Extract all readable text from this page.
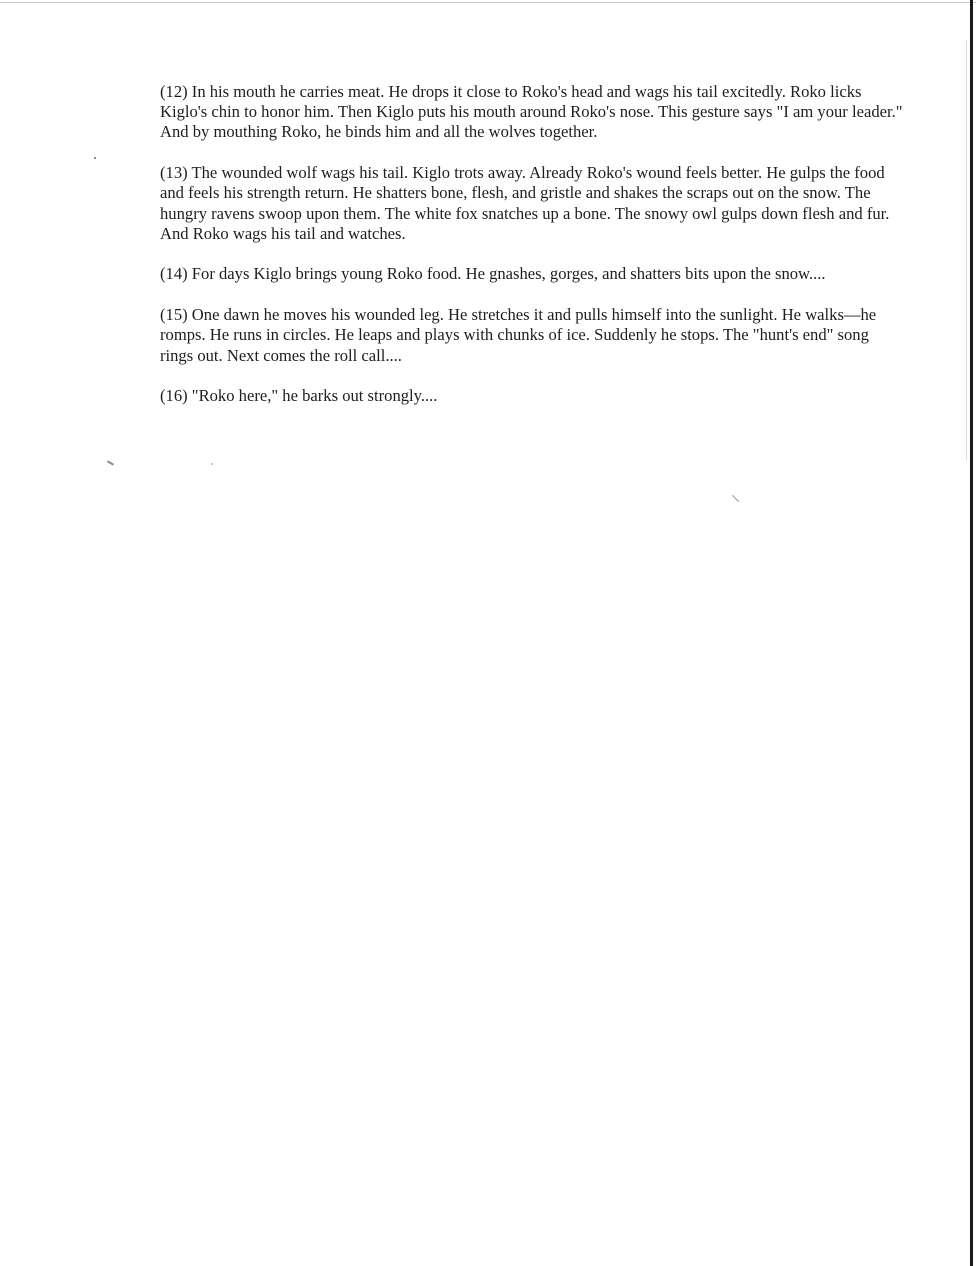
(12) In his mouth he carries meat. He drops it close to Roko's head and wags his tail excitedly. Roko licks Kiglo's chin to honor him. Then Kiglo puts his mouth around Roko's nose. This gesture says "I am your leader." And by mouthing Roko, he binds him and all the wolves together.

(13) The wounded wolf wags his tail. Kiglo trots away. Already Roko's wound feels better. He gulps the food and feels his strength return. He shatters bone, flesh, and gristle and shakes the scraps out on the snow. The hungry ravens swoop upon them. The white fox snatches up a bone. The snowy owl gulps down flesh and fur. And Roko wags his tail and watches.

(14) For days Kiglo brings young Roko food. He gnashes, gorges, and shatters bits upon the snow....

(15) One dawn he moves his wounded leg. He stretches it and pulls himself into the sunlight. He walks—he romps. He runs in circles. He leaps and plays with chunks of ice. Suddenly he stops. The "hunt's end" song rings out. Next comes the roll call....

(16) "Roko here," he barks out strongly....
